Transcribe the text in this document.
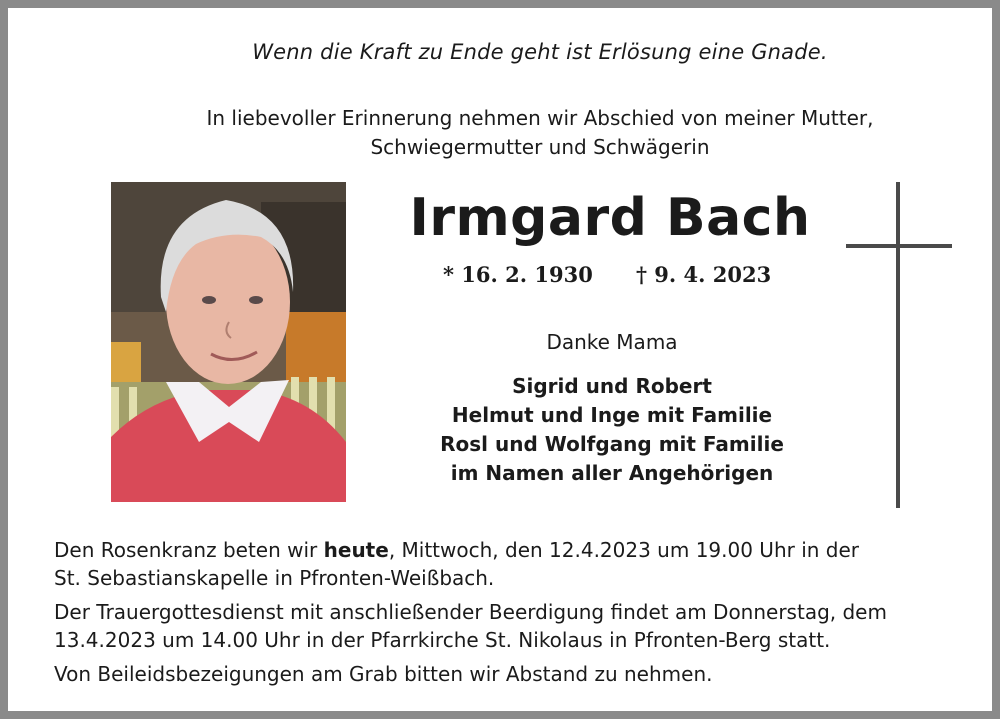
Wenn die Kraft zu Ende geht ist Erlösung eine Gnade.
In liebevoller Erinnerung nehmen wir Abschied von meiner Mutter,
Schwiegermutter und Schwägerin
Irmgard Bach
* 16. 2. 1930 † 9. 4. 2023
Danke Mama
Sigrid und Robert
Helmut und Inge mit Familie
Rosl und Wolfgang mit Familie
im Namen aller Angehörigen

Den Rosenkranz beten wir heute, Mittwoch, den 12.4.2023 um 19.00 Uhr in der
St. Sebastianskapelle in Pfronten-Weißbach.

Der Trauergottesdienst mit anschließender Beerdigung findet am Donnerstag, dem
13.4.2023 um 14.00 Uhr in der Pfarrkirche St. Nikolaus in Pfronten-Berg statt.

Von Beileidsbezeigungen am Grab bitten wir Abstand zu nehmen.
